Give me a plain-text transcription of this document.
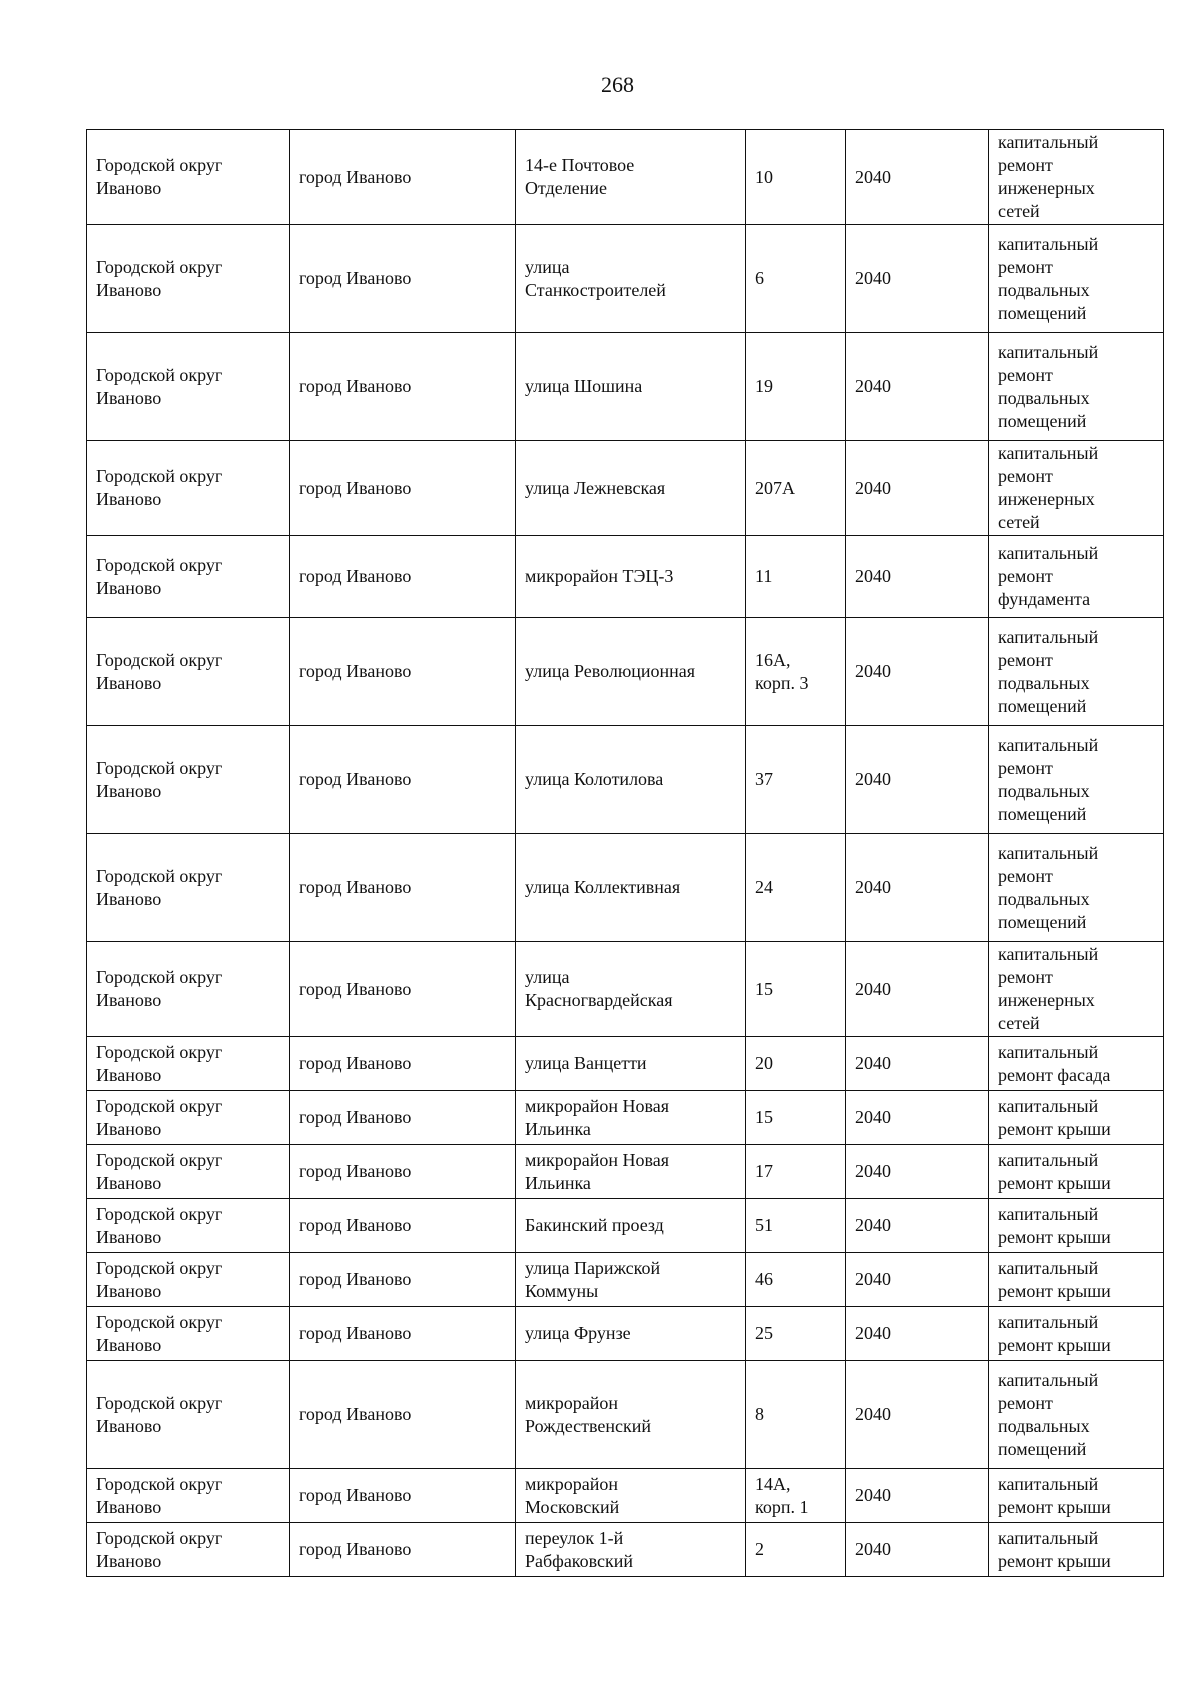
268
Городской округ
Иваново	город Иваново	14-е Почтовое
Отделение	10	2040	капитальный
ремонт
инженерных
сетей

Городской округ
Иваново	город Иваново	улица
Станкостроителей	6	2040	капитальный
ремонт
подвальных
помещений

Городской округ
Иваново	город Иваново	улица Шошина	19	2040	капитальный
ремонт
подвальных
помещений

Городской округ
Иваново	город Иваново	улица Лежневская	207А	2040	капитальный
ремонт
инженерных
сетей

Городской округ
Иваново	город Иваново	микрорайон ТЭЦ-3	11	2040	капитальный
ремонт
фундамента

Городской округ
Иваново	город Иваново	улица Революционная	16А,
корп. 3	2040	капитальный
ремонт
подвальных
помещений

Городской округ
Иваново	город Иваново	улица Колотилова	37	2040	капитальный
ремонт
подвальных
помещений

Городской округ
Иваново	город Иваново	улица Коллективная	24	2040	капитальный
ремонт
подвальных
помещений

Городской округ
Иваново	город Иваново	улица
Красногвардейская	15	2040	капитальный
ремонт
инженерных
сетей

Городской округ
Иваново	город Иваново	улица Ванцетти	20	2040	капитальный
ремонт фасада

Городской округ
Иваново	город Иваново	микрорайон Новая
Ильинка	15	2040	капитальный
ремонт крыши

Городской округ
Иваново	город Иваново	микрорайон Новая
Ильинка	17	2040	капитальный
ремонт крыши

Городской округ
Иваново	город Иваново	Бакинский проезд	51	2040	капитальный
ремонт крыши

Городской округ
Иваново	город Иваново	улица Парижской
Коммуны	46	2040	капитальный
ремонт крыши

Городской округ
Иваново	город Иваново	улица Фрунзе	25	2040	капитальный
ремонт крыши

Городской округ
Иваново	город Иваново	микрорайон
Рождественский	8	2040	капитальный
ремонт
подвальных
помещений

Городской округ
Иваново	город Иваново	микрорайон
Московский	14А,
корп. 1	2040	капитальный
ремонт крыши

Городской округ
Иваново	город Иваново	переулок 1-й
Рабфаковский	2	2040	капитальный
ремонт крыши
